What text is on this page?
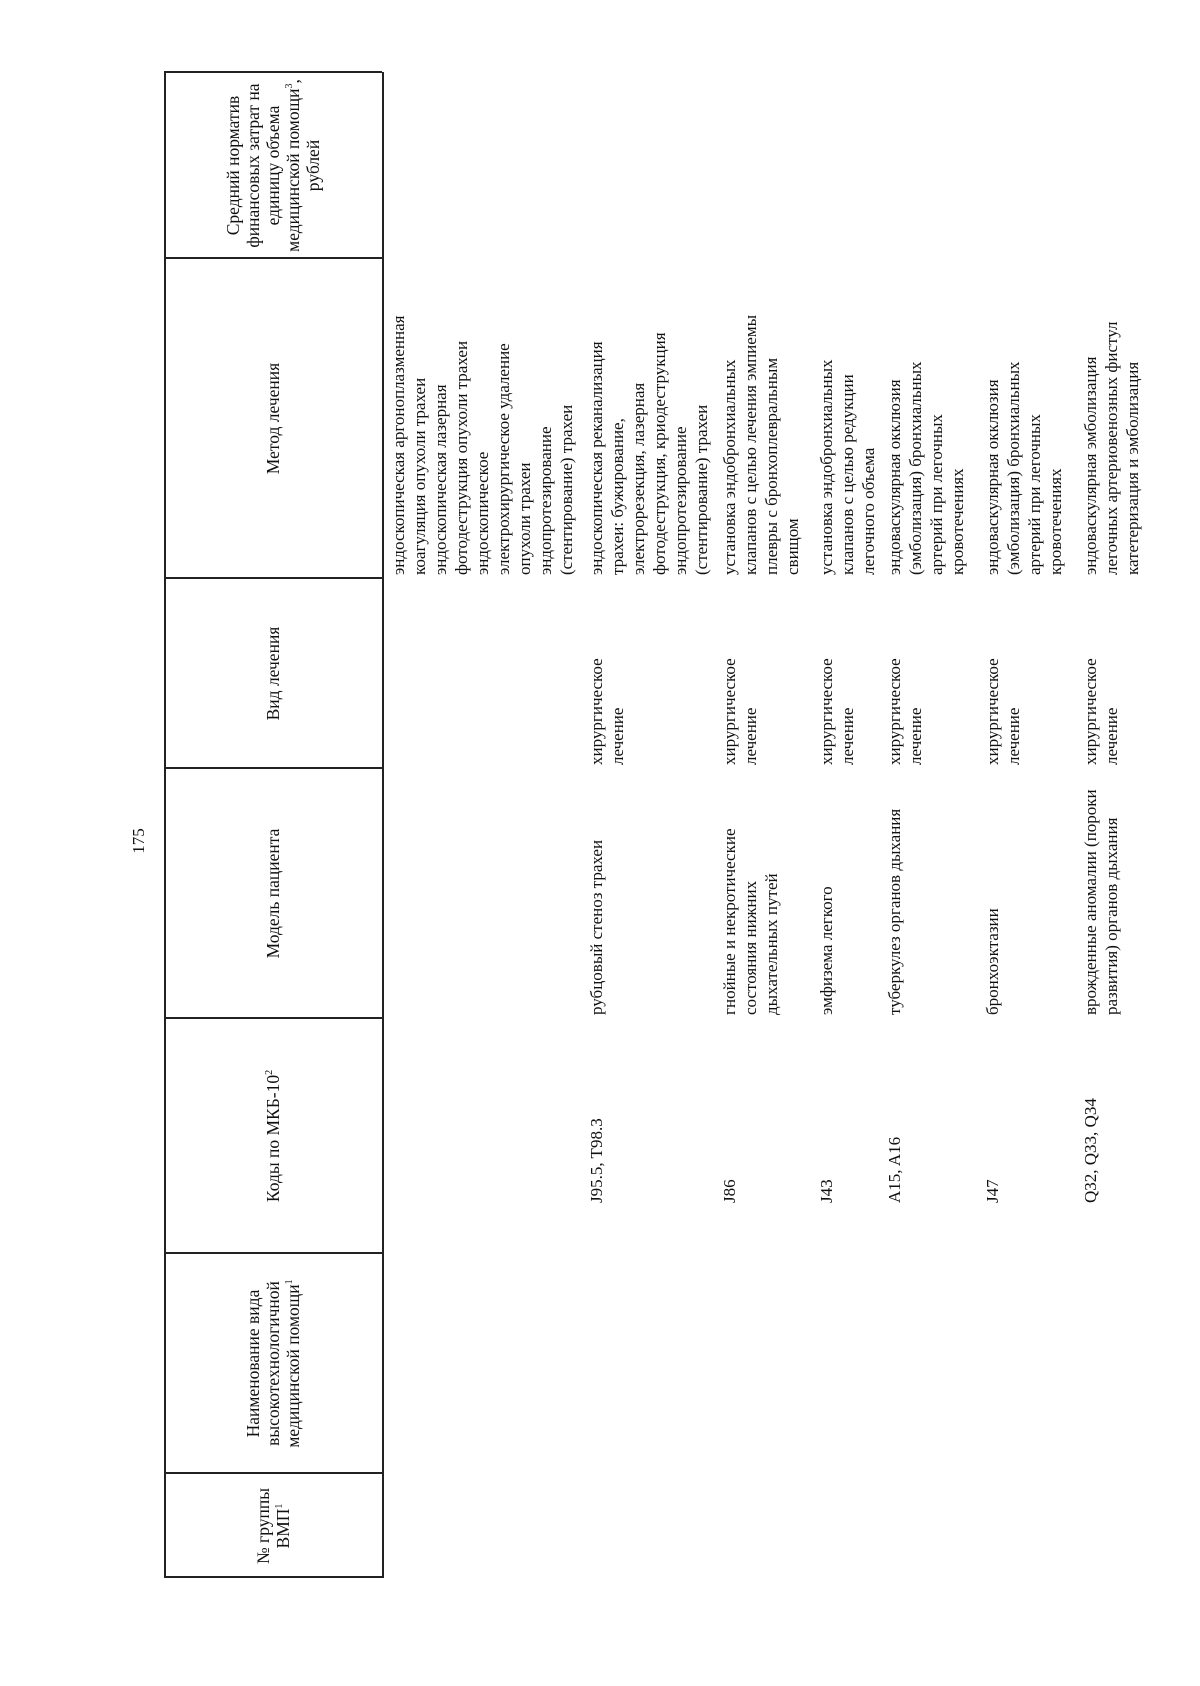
175
№ группы ВМП$^1$
Наименование вида высокотехнологичной медицинской помощи$^1$
Коды по МКБ-$10^2$
Модель пациента
Вид лечения
Метод лечения
Средний норматив финансовых затрат на единицу объема медицинской помощи$^3$, рублей
эндоскопическая аргоноплазменная
коагуляция опухоли трахеи
эндоскопическая лазерная
фотодеструкция опухоли трахеи
эндоскопическое
электрохирургическое удаление
опухоли трахеи
эндопротезирование
(стентирование) трахеи
J95.5, T98.3
рубцовый стеноз трахеи
хирургическое
лечение
эндоскопическая реканализация
трахеи: бужирование,
электрорезекция, лазерная
фотодеструкция, криодеструкция
эндопротезирование
(стентирование) трахеи
J86
гнойные и некротические
состояния нижних
дыхательных путей
хирургическое
лечение
установка эндобронхиальных
клапанов с целью лечения эмпиемы
плевры с бронхоплевральным
свищом
J43
эмфизема легкого
хирургическое
лечение
установка эндобронхиальных
клапанов с целью редукции
легочного объема
A15, A16
туберкулез органов дыхания
хирургическое
лечение
эндоваскулярная окклюзия
(эмболизация) бронхиальных
артерий при легочных
кровотечениях
J47
бронхоэктазии
хирургическое
лечение
эндоваскулярная окклюзия
(эмболизация) бронхиальных
артерий при легочных
кровотечениях
Q32, Q33, Q34
врожденные аномалии (пороки
развития) органов дыхания
хирургическое
лечение
эндоваскулярная эмболизация
легочных артериовенозных фистул
катетеризация и эмболизация
